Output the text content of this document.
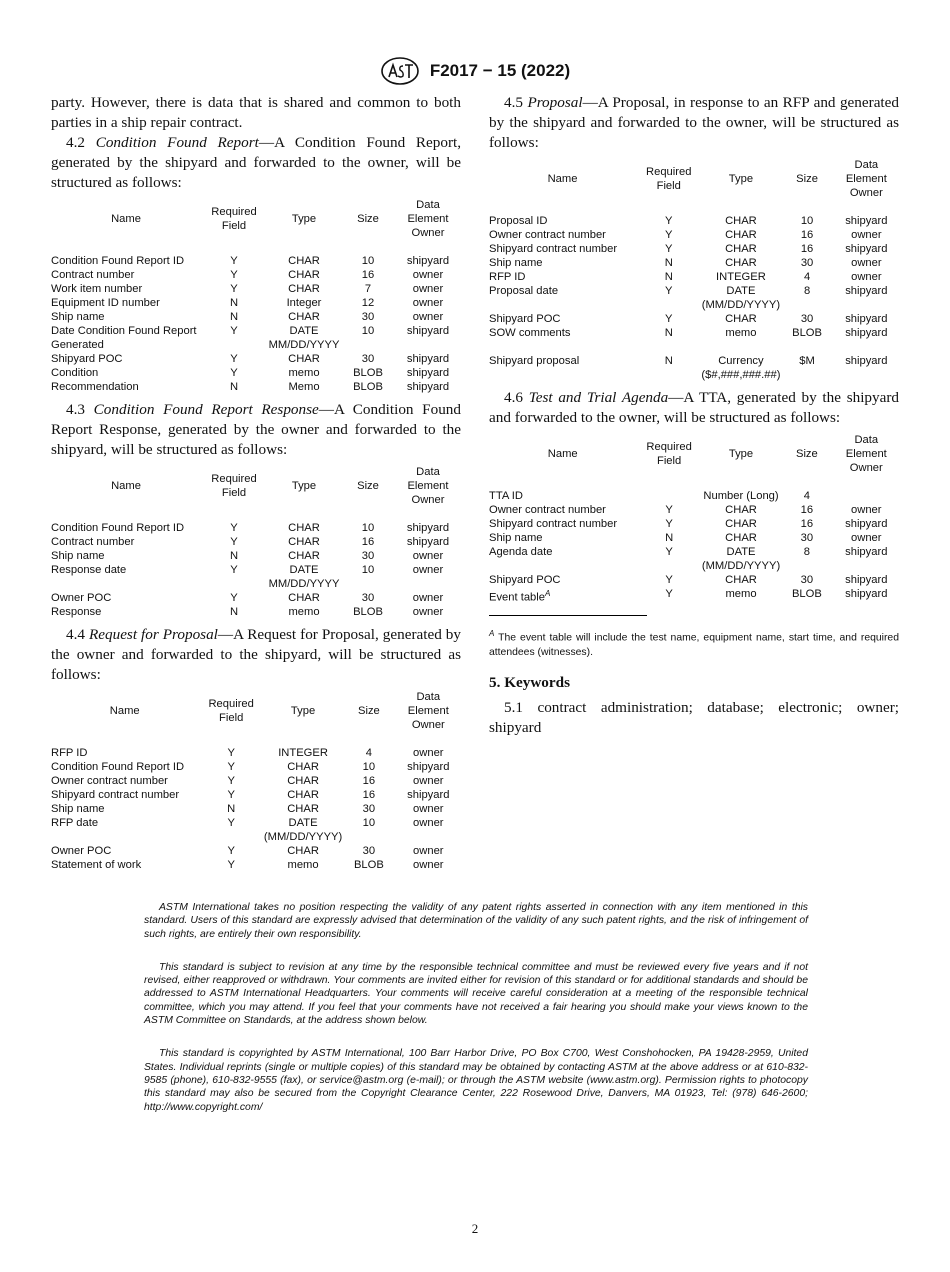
F2017 − 15 (2022)

party. However, there is data that is shared and common to both parties in a ship repair contract.

4.2 Condition Found Report—A Condition Found Report, generated by the shipyard and forwarded to the owner, will be structured as follows:

Name	Required Field	Type	Size	Data Element Owner
Condition Found Report ID	Y	CHAR	10	shipyard
Contract number	Y	CHAR	16	owner
Work item number	Y	CHAR	7	owner
Equipment ID number	N	Integer	12	owner
Ship name	N	CHAR	30	owner
Date Condition Found Report	Y	DATE	10	shipyard
Generated		MM/DD/YYYY		
Shipyard POC	Y	CHAR	30	shipyard
Condition	Y	memo	BLOB	shipyard
Recommendation	N	Memo	BLOB	shipyard

4.3 Condition Found Report Response—A Condition Found Report Response, generated by the owner and forwarded to the shipyard, will be structured as follows:

Name	Required Field	Type	Size	Data Element Owner
Condition Found Report ID	Y	CHAR	10	shipyard
Contract number	Y	CHAR	16	shipyard
Ship name	N	CHAR	30	owner
Response date	Y	DATE	10	owner
		MM/DD/YYYY		
Owner POC	Y	CHAR	30	owner
Response	N	memo	BLOB	owner

4.4 Request for Proposal—A Request for Proposal, generated by the owner and forwarded to the shipyard, will be structured as follows:

Name	Required Field	Type	Size	Data Element Owner
RFP ID	Y	INTEGER	4	owner
Condition Found Report ID	Y	CHAR	10	shipyard
Owner contract number	Y	CHAR	16	owner
Shipyard contract number	Y	CHAR	16	shipyard
Ship name	N	CHAR	30	owner
RFP date	Y	DATE	10	owner
		(MM/DD/YYYY)		
Owner POC	Y	CHAR	30	owner
Statement of work	Y	memo	BLOB	owner

4.5 Proposal—A Proposal, in response to an RFP and generated by the shipyard and forwarded to the owner, will be structured as follows:

Name	Required Field	Type	Size	Data Element Owner
Proposal ID	Y	CHAR	10	shipyard
Owner contract number	Y	CHAR	16	owner
Shipyard contract number	Y	CHAR	16	shipyard
Ship name	N	CHAR	30	owner
RFP ID	N	INTEGER	4	owner
Proposal date	Y	DATE	8	shipyard
		(MM/DD/YYYY)		
Shipyard POC	Y	CHAR	30	shipyard
SOW comments	N	memo	BLOB	shipyard
Shipyard proposal	N	Currency	$M	shipyard
		($#,###,###.##)		

4.6 Test and Trial Agenda—A TTA, generated by the shipyard and forwarded to the owner, will be structured as follows:

Name	Required Field	Type	Size	Data Element Owner
TTA ID		Number (Long)	4	
Owner contract number	Y	CHAR	16	owner
Shipyard contract number	Y	CHAR	16	shipyard
Ship name	N	CHAR	30	owner
Agenda date	Y	DATE	8	shipyard
		(MM/DD/YYYY)		
Shipyard POC	Y	CHAR	30	shipyard
Event table$^A$	Y	memo	BLOB	shipyard
$^A$ The event table will include the test name, equipment name, start time, and required attendees (witnesses).
5. Keywords

5.1 contract administration; database; electronic; owner; shipyard

ASTM International takes no position respecting the validity of any patent rights asserted in connection with any item mentioned in this standard. Users of this standard are expressly advised that determination of the validity of any such patent rights, and the risk of infringement of such rights, are entirely their own responsibility.

This standard is subject to revision at any time by the responsible technical committee and must be reviewed every five years and if not revised, either reapproved or withdrawn. Your comments are invited either for revision of this standard or for additional standards and should be addressed to ASTM International Headquarters. Your comments will receive careful consideration at a meeting of the responsible technical committee, which you may attend. If you feel that your comments have not received a fair hearing you should make your views known to the ASTM Committee on Standards, at the address shown below.

This standard is copyrighted by ASTM International, 100 Barr Harbor Drive, PO Box C700, West Conshohocken, PA 19428-2959, United States. Individual reprints (single or multiple copies) of this standard may be obtained by contacting ASTM at the above address or at 610-832-9585 (phone), 610-832-9555 (fax), or service@astm.org (e-mail); or through the ASTM website (www.astm.org). Permission rights to photocopy this standard may also be secured from the Copyright Clearance Center, 222 Rosewood Drive, Danvers, MA 01923, Tel: (978) 646-2600; http://www.copyright.com/

2
